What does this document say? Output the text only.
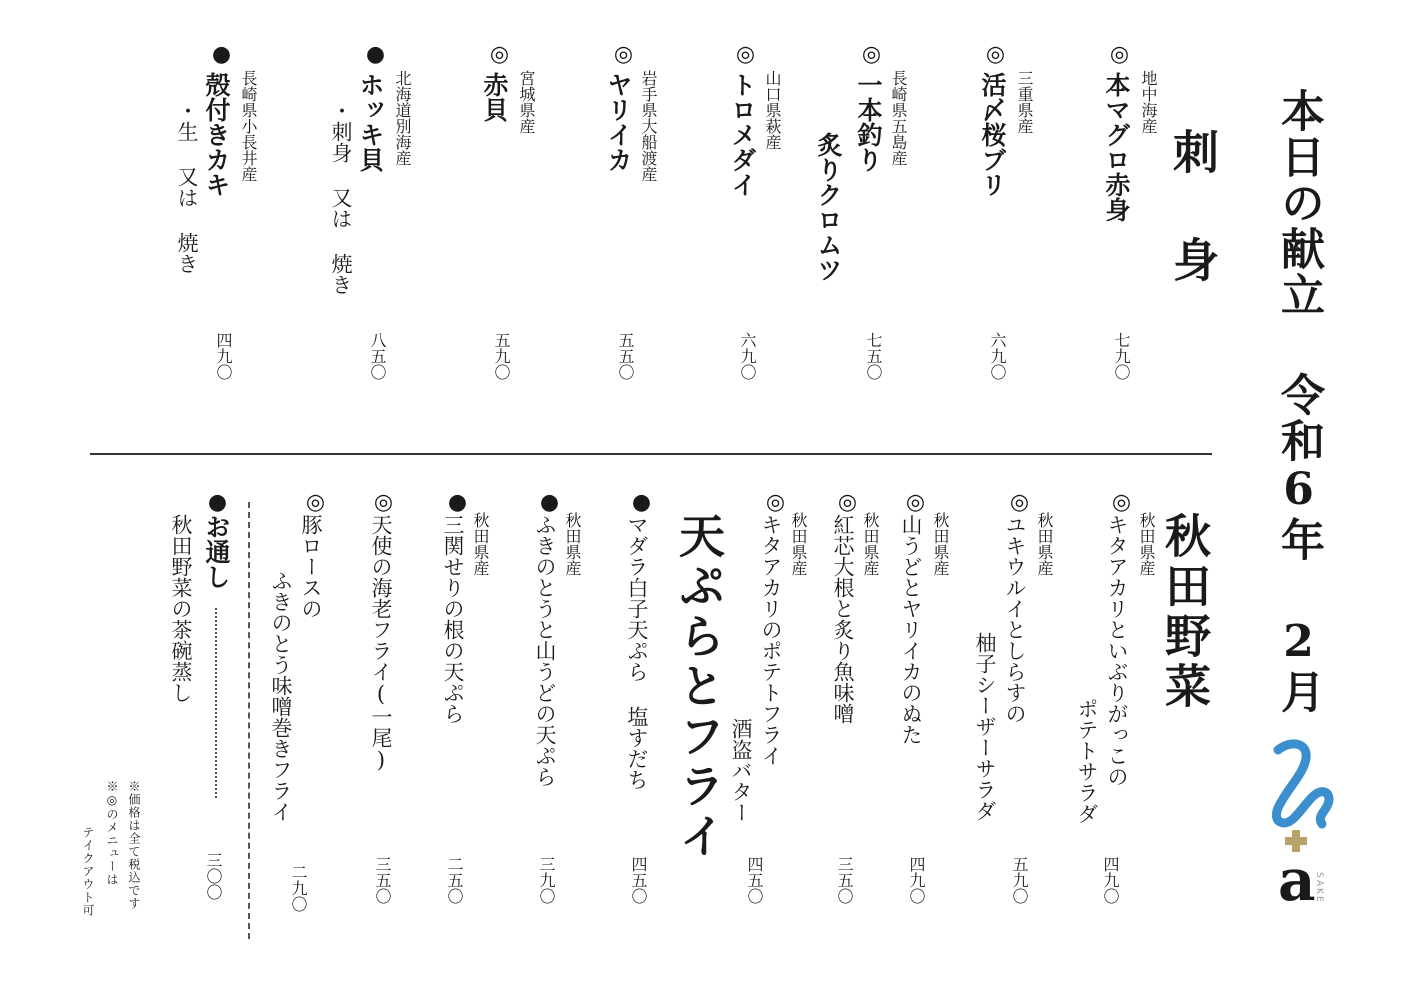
本日の献立
令和6年 2月
a
SAKE
刺 身
秋田野菜
天ぷらとフライ
◎
地中海産
本マグロ赤身
七九〇
◎
三重県産
活〆桜ブリ
六九〇
◎
長崎県五島産
一本釣り
炙りクロムツ
七五〇
◎
山口県萩産
トロメダイ
六九〇
◎
岩手県大船渡産
ヤリイカ
五五〇
◎
宮城県産
赤貝
五九〇
●
北海道別海産
ホッキ貝
・刺身 又は 焼き
八五〇
●
長崎県小長井産
殻付きカキ
・生 又は 焼き
四九〇
◎
秋田県産
キタアカリといぶりがっこの
ポテトサラダ
四九〇
◎
秋田県産
ユキウルイとしらすの
柚子シーザーサラダ
五九〇
◎
秋田県産
山うどとヤリイカのぬた
四九〇
◎
秋田県産
紅芯大根と炙り魚味噌
三五〇
◎
秋田県産
キタアカリのポテトフライ
酒盗バター
四五〇
●
マダラ白子天ぷら 塩すだち
四五〇
●
秋田県産
ふきのとうと山うどの天ぷら
三九〇
●
秋田県産
三関せりの根の天ぷら
二五〇
◎
天使の海老フライ(一尾)
三五〇
◎
豚ロースの
ふきのとう味噌巻きフライ
二九〇
●
お通し
秋田野菜の茶碗蒸し
三〇〇
※価格は全て税込です
※◎のメニューは
テイクアウト可
